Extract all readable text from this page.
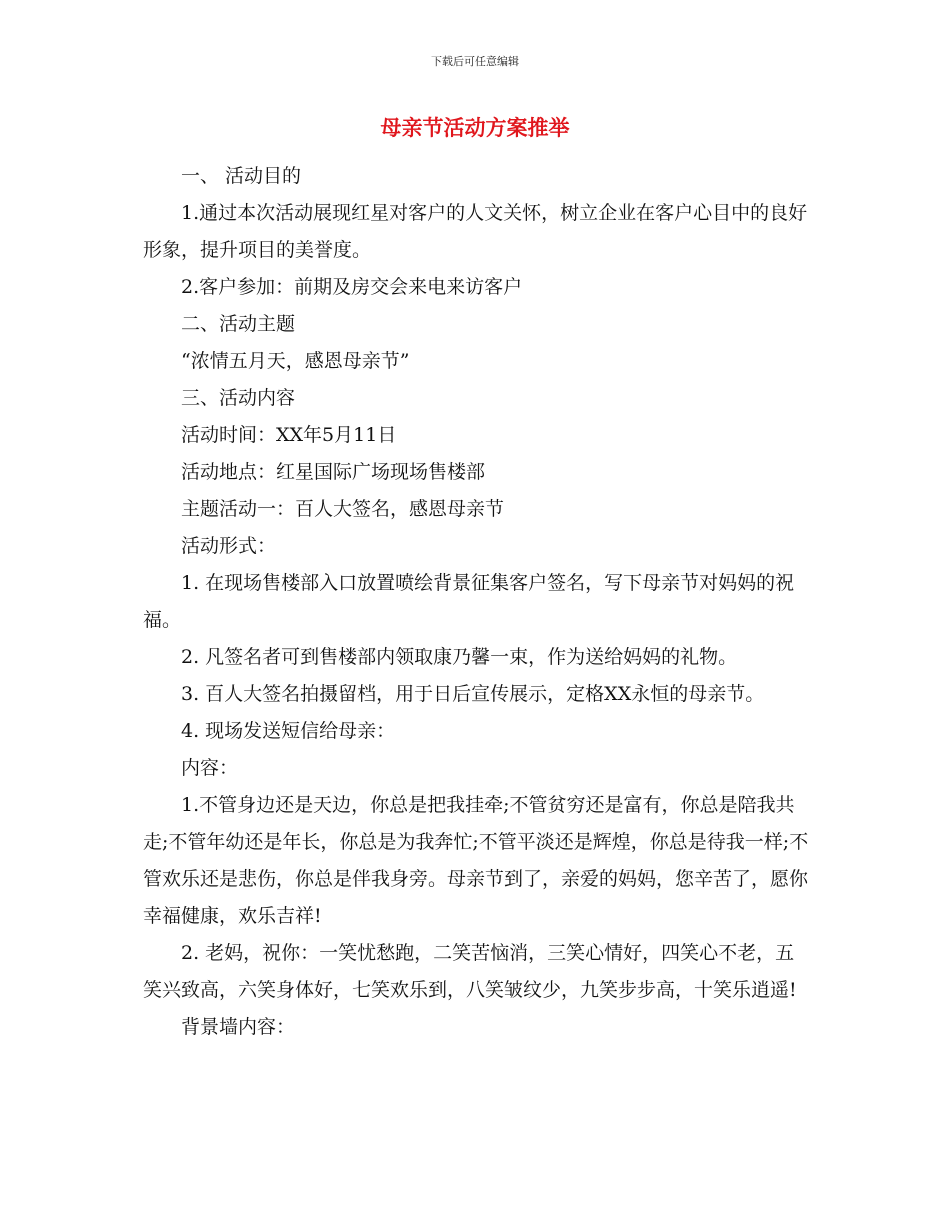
下载后可任意编辑
母亲节活动方案推举

一、 活动目的

1.通过本次活动展现红星对客户的人文关怀，树立企业在客户心目中的良好形象，提升项目的美誉度。

2.客户参加：前期及房交会来电来访客户

二、活动主题

“浓情五月天，感恩母亲节”

三、活动内容

活动时间：XX年5月11日

活动地点：红星国际广场现场售楼部

主题活动一：百人大签名，感恩母亲节

活动形式：

1. 在现场售楼部入口放置喷绘背景征集客户签名，写下母亲节对妈妈的祝福。

2. 凡签名者可到售楼部内领取康乃馨一束，作为送给妈妈的礼物。

3. 百人大签名拍摄留档，用于日后宣传展示，定格XX永恒的母亲节。

4. 现场发送短信给母亲：

内容：

1.不管身边还是天边，你总是把我挂牵;不管贫穷还是富有，你总是陪我共走;不管年幼还是年长，你总是为我奔忙;不管平淡还是辉煌，你总是待我一样;不管欢乐还是悲伤，你总是伴我身旁。母亲节到了，亲爱的妈妈，您辛苦了，愿你幸福健康，欢乐吉祥!

2. 老妈，祝你：一笑忧愁跑，二笑苦恼消，三笑心情好，四笑心不老，五笑兴致高，六笑身体好，七笑欢乐到，八笑皱纹少，九笑步步高，十笑乐逍遥!

背景墙内容：
